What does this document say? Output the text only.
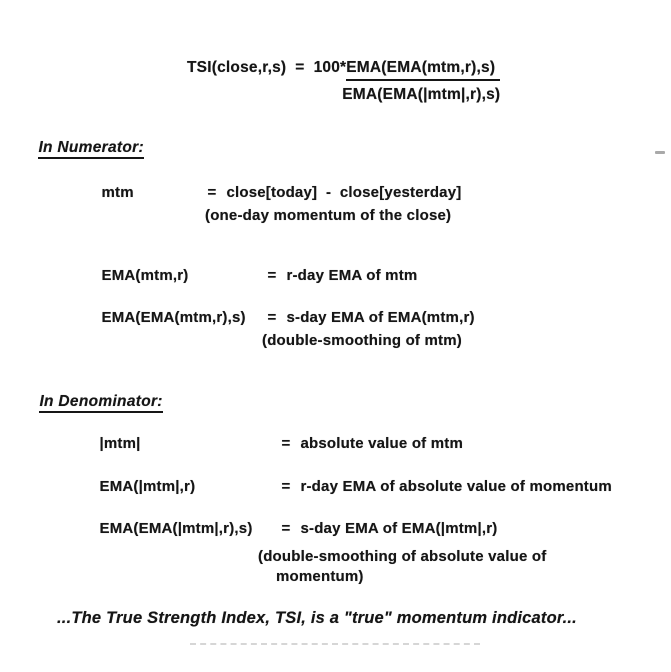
TSI(close,r,s) = $100* \frac{\text{EMA(EMA(mtm,r),s)}}{\text{EMA(EMA(|mtm|,r),s)}}$

In Numerator:

mtm	= close[today]  -  close[yesterday]

(one-day momentum of the close)

EMA(mtm,r)	= r-day EMA of mtm

EMA(EMA(mtm,r),s) = s-day EMA of EMA(mtm,r)

(double-smoothing of mtm)

In Denominator:

|mtm|	= absolute value of mtm

EMA(|mtm|,r)	= r-day EMA of absolute value of momentum

EMA(EMA(|mtm|,r),s) = s-day EMA of EMA(|mtm|,r)

(double-smoothing of absolute value of
momentum)
...The True Strength Index, TSI, is a "true" momentum indicator...
